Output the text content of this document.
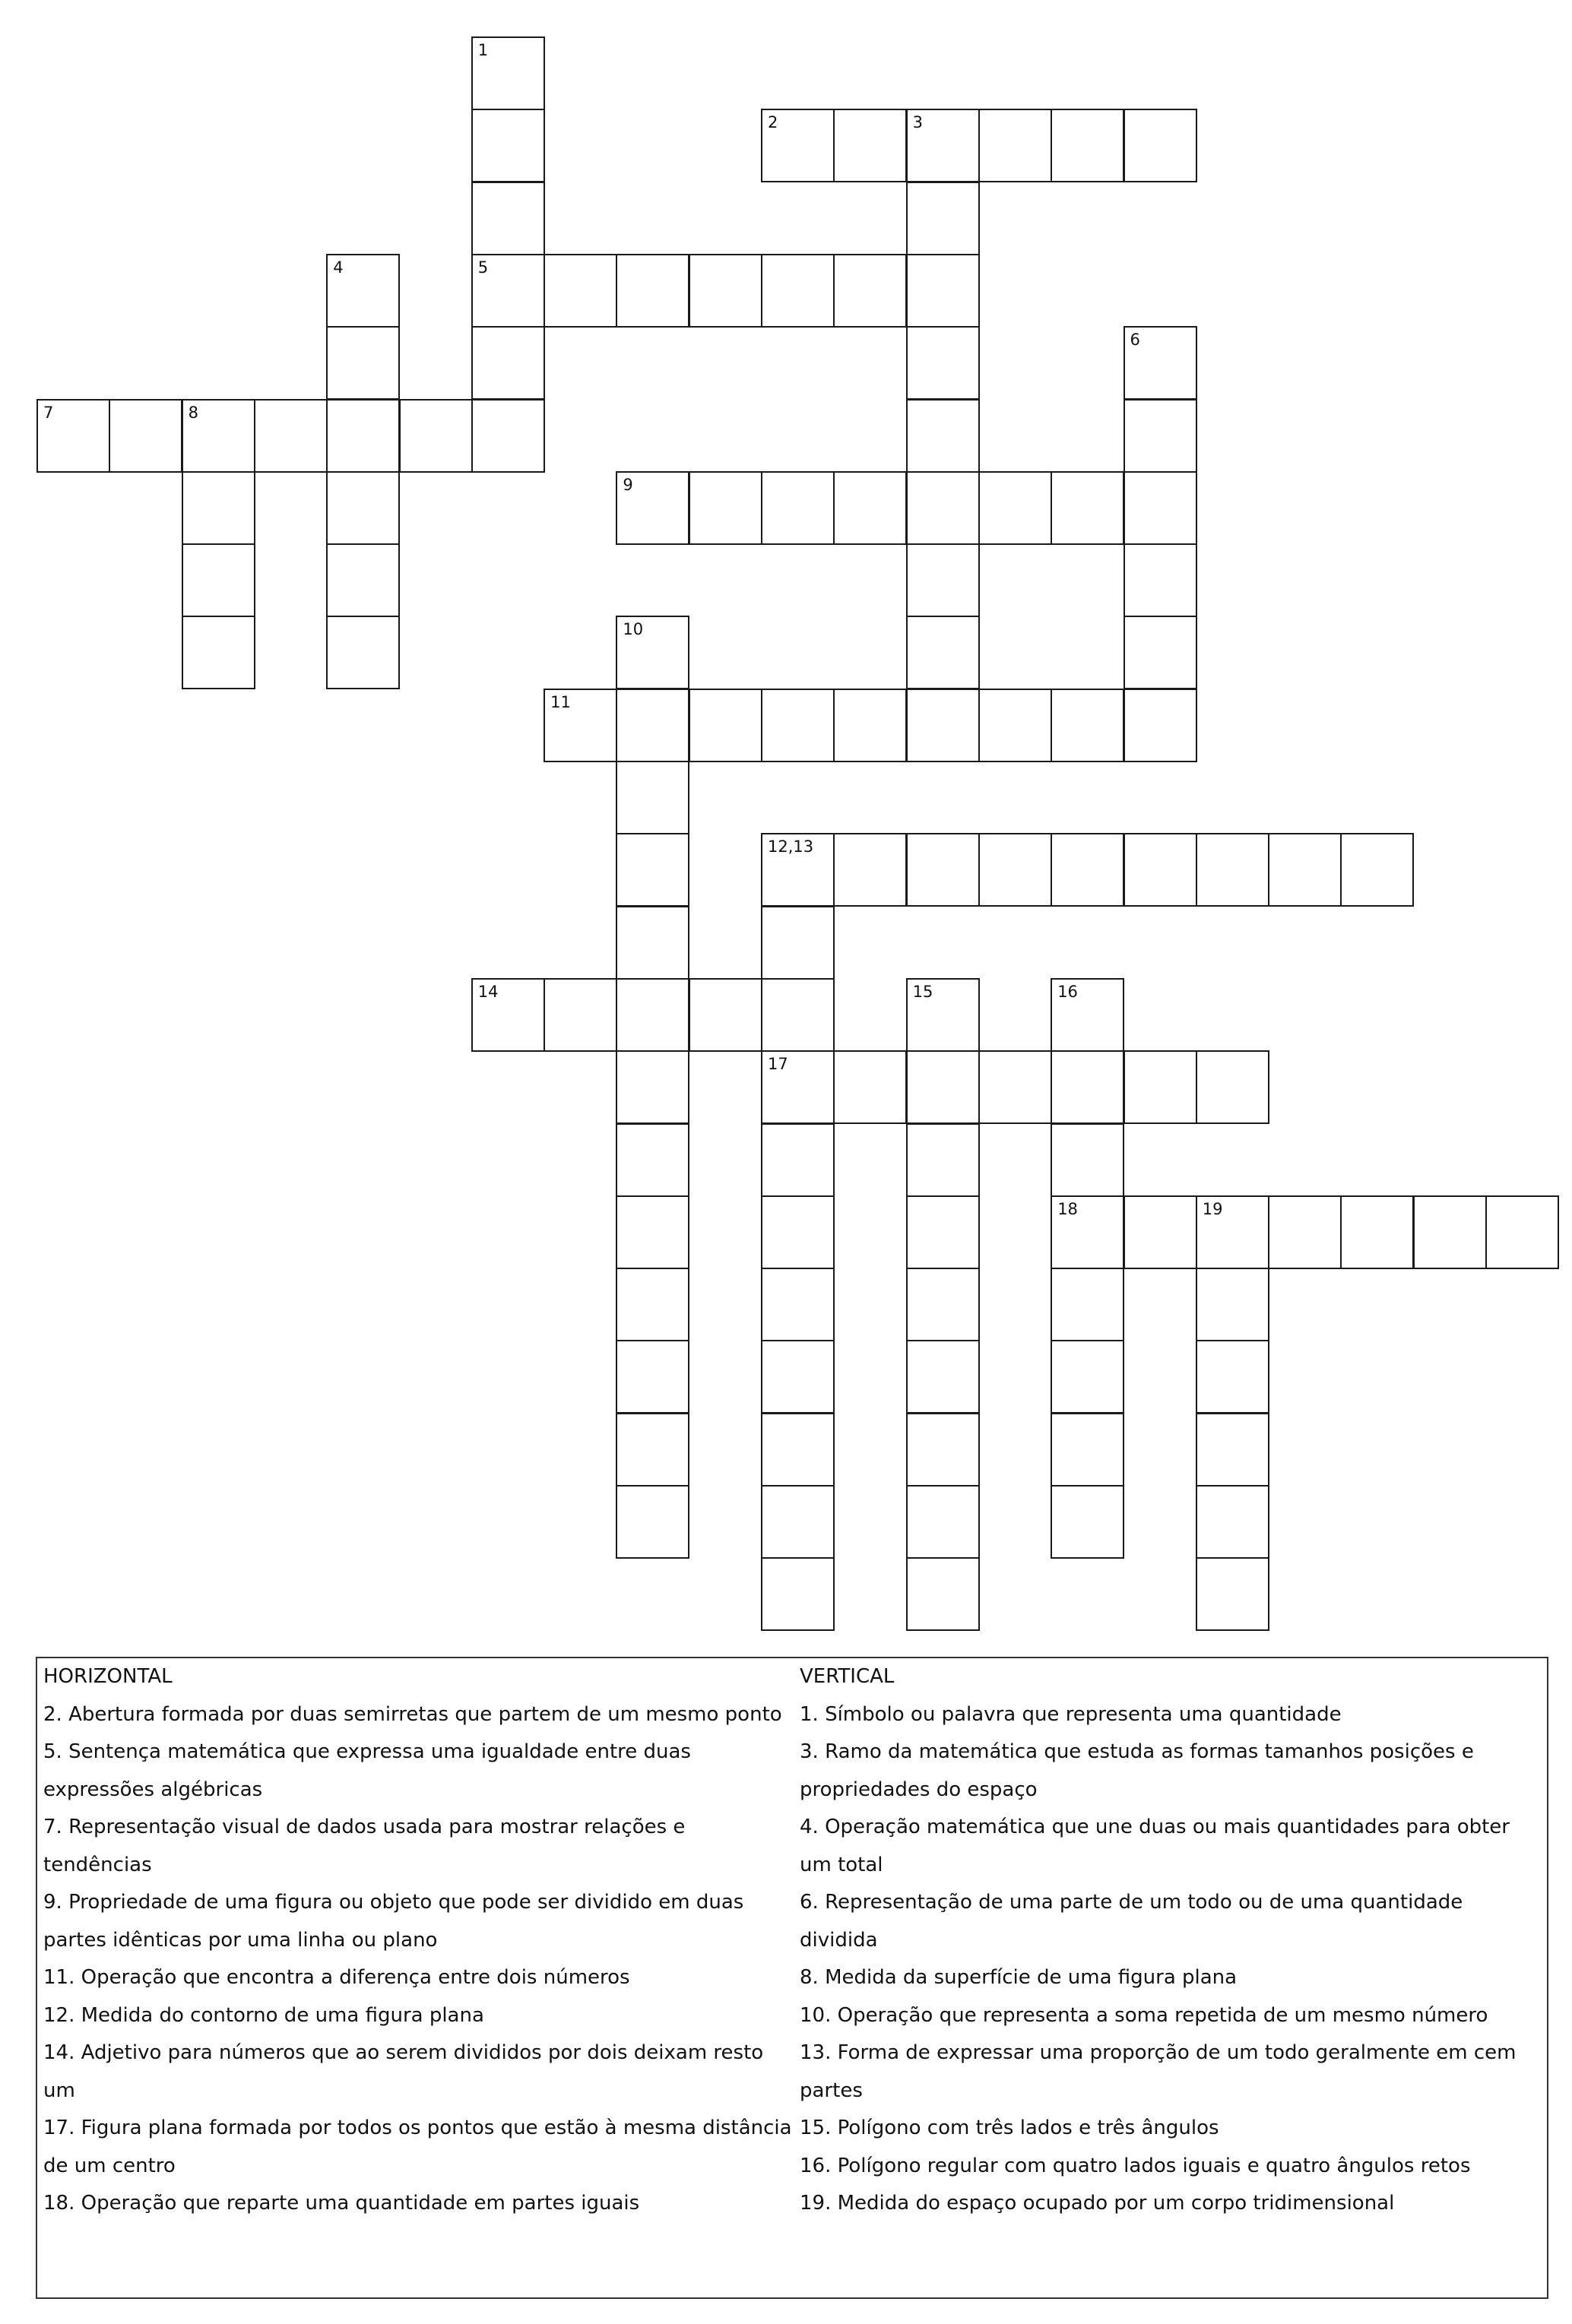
1
5
2	3
4
6
7	8
9
10
11
12,13
17
14	15	16
18	19
HORIZONTAL
2. Abertura formada por duas semirretas que partem de um mesmo ponto
5. Sentença matemática que expressa uma igualdade entre duas expressões algébricas
7. Representação visual de dados usada para mostrar relações e tendências
9. Propriedade de uma figura ou objeto que pode ser dividido em duas partes idênticas por uma linha ou plano
11. Operação que encontra a diferença entre dois números
12. Medida do contorno de uma figura plana
14. Adjetivo para números que ao serem divididos por dois deixam resto um
17. Figura plana formada por todos os pontos que estão à mesma distância de um centro
18. Operação que reparte uma quantidade em partes iguais
VERTICAL
1. Símbolo ou palavra que representa uma quantidade
3. Ramo da matemática que estuda as formas tamanhos posições e propriedades do espaço
4. Operação matemática que une duas ou mais quantidades para obter um total
6. Representação de uma parte de um todo ou de uma quantidade dividida
8. Medida da superfície de uma figura plana
10. Operação que representa a soma repetida de um mesmo número
13. Forma de expressar uma proporção de um todo geralmente em cem partes
15. Polígono com três lados e três ângulos
16. Polígono regular com quatro lados iguais e quatro ângulos retos
19. Medida do espaço ocupado por um corpo tridimensional
